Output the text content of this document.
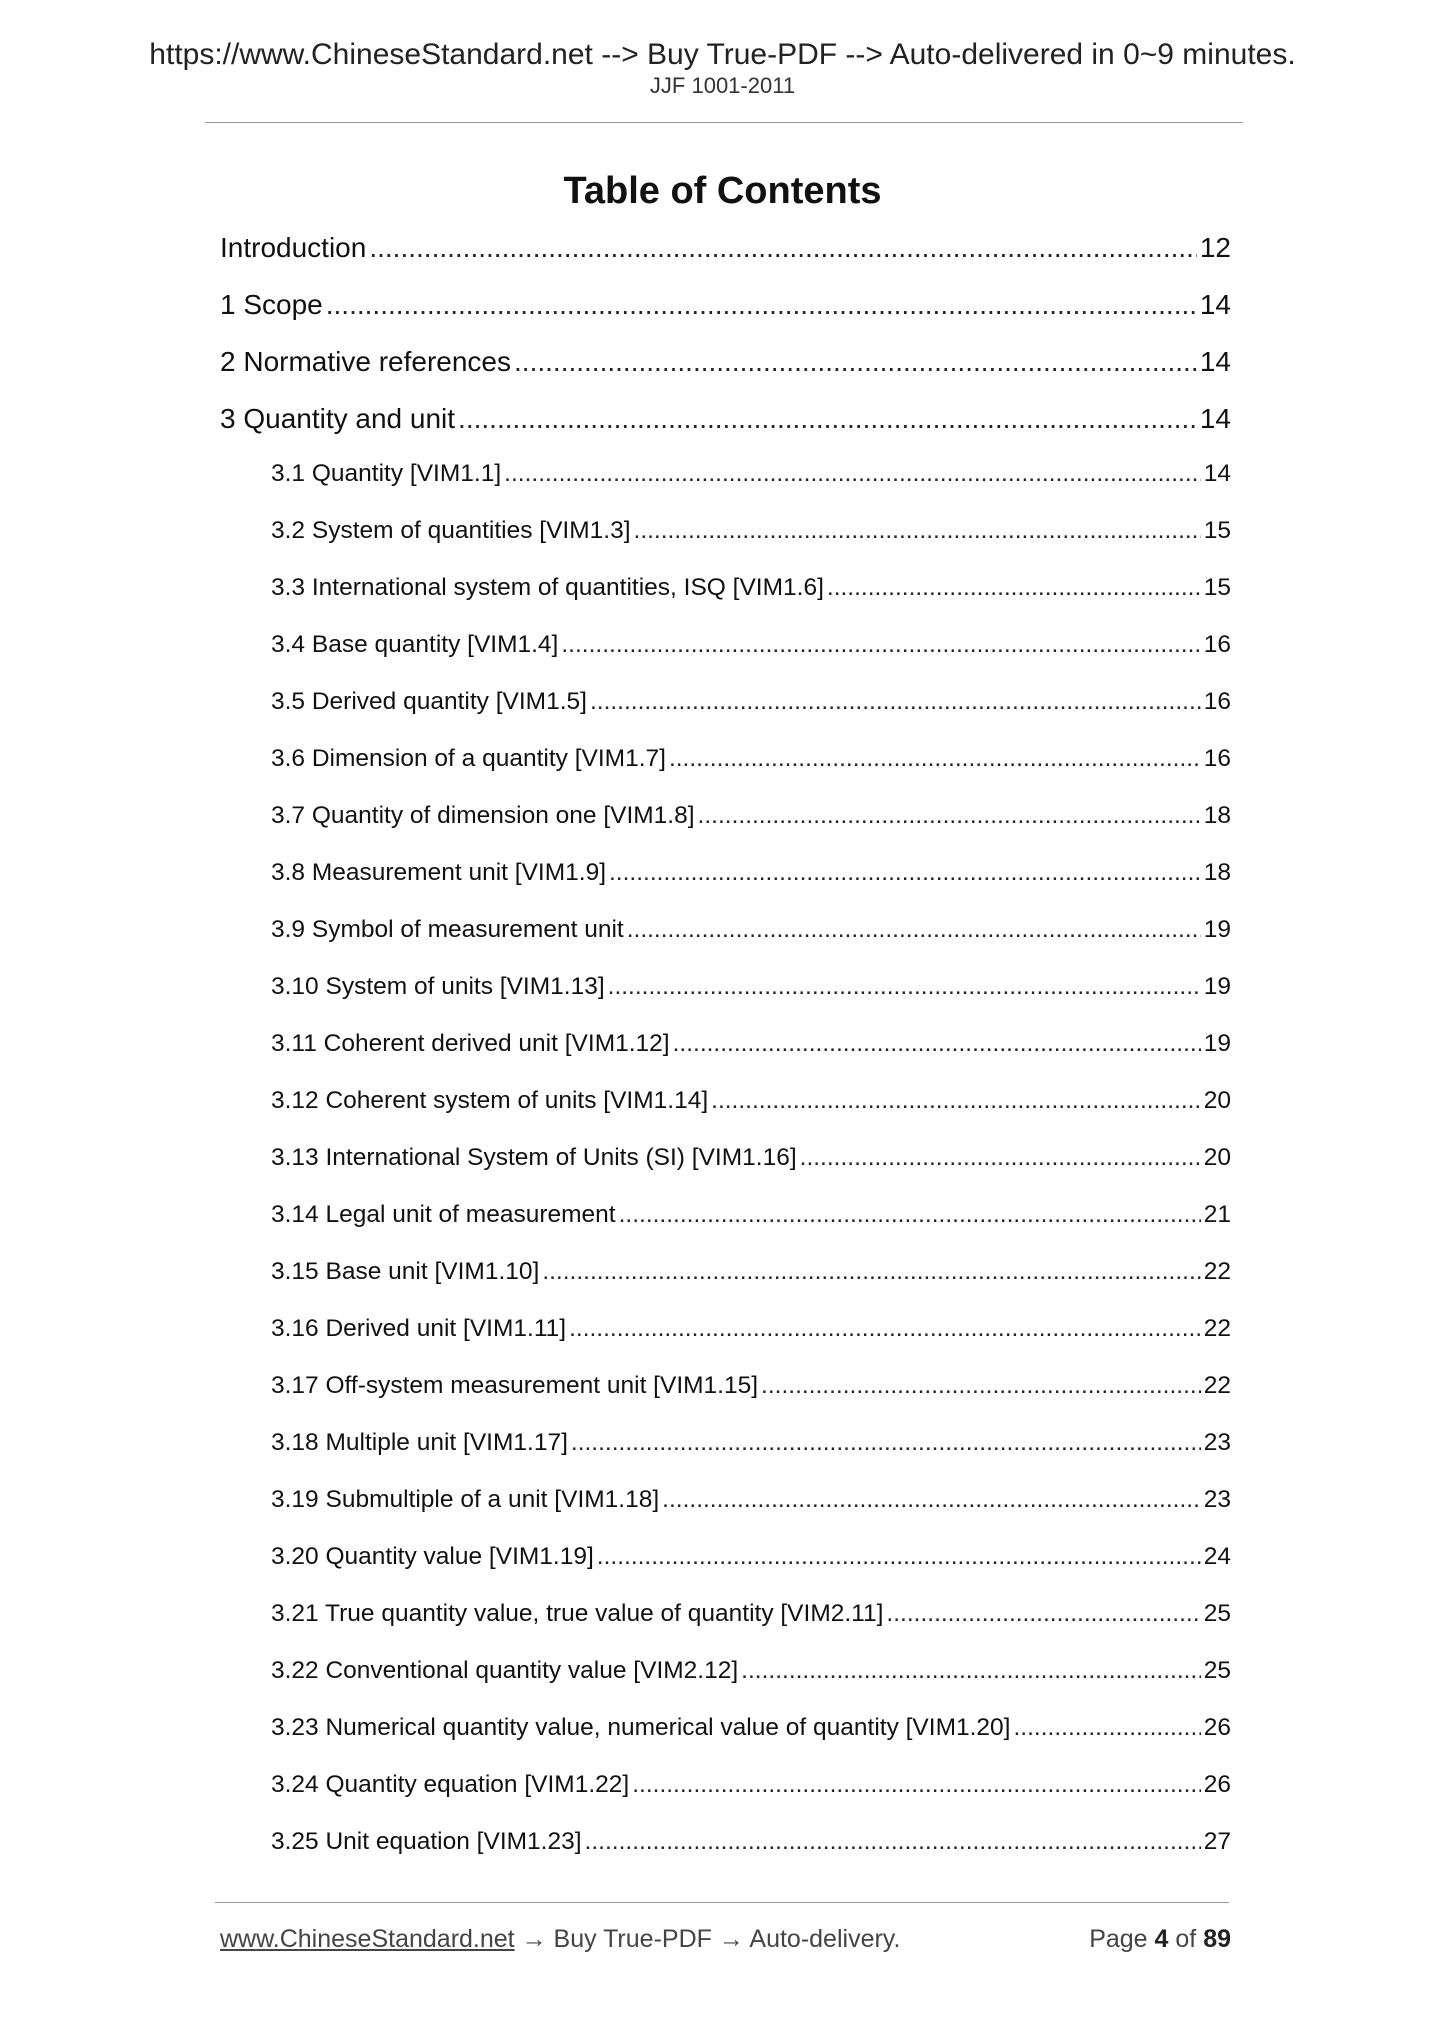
https://www.ChineseStandard.net --> Buy True-PDF --> Auto-delivered in 0~9 minutes.
JJF 1001-2011
Table of Contents
Introduction .....	12
1 Scope .....	14
2 Normative references .....	14
3 Quantity and unit .....	14
3.1 Quantity [VIM1.1] .....	14
3.2 System of quantities [VIM1.3] .....	15
3.3 International system of quantities, ISQ [VIM1.6] .....	15
3.4 Base quantity [VIM1.4] .....	16
3.5 Derived quantity [VIM1.5] .....	16
3.6 Dimension of a quantity [VIM1.7] .....	16
3.7 Quantity of dimension one [VIM1.8] .....	18
3.8 Measurement unit [VIM1.9] .....	18
3.9 Symbol of measurement unit .....	19
3.10 System of units [VIM1.13] .....	19
3.11 Coherent derived unit [VIM1.12] .....	19
3.12 Coherent system of units [VIM1.14] .....	20
3.13 International System of Units (SI) [VIM1.16] .....	20
3.14 Legal unit of measurement .....	21
3.15 Base unit [VIM1.10] .....	22
3.16 Derived unit [VIM1.11] .....	22
3.17 Off-system measurement unit [VIM1.15] .....	22
3.18 Multiple unit [VIM1.17] .....	23
3.19 Submultiple of a unit [VIM1.18] .....	23
3.20 Quantity value [VIM1.19] .....	24
3.21 True quantity value, true value of quantity [VIM2.11] .....	25
3.22 Conventional quantity value [VIM2.12] .....	25
3.23 Numerical quantity value, numerical value of quantity [VIM1.20] .....	26
3.24 Quantity equation [VIM1.22] .....	26
3.25 Unit equation [VIM1.23] .....	27
www.ChineseStandard.net → Buy True-PDF → Auto-delivery.	Page 4 of 89
